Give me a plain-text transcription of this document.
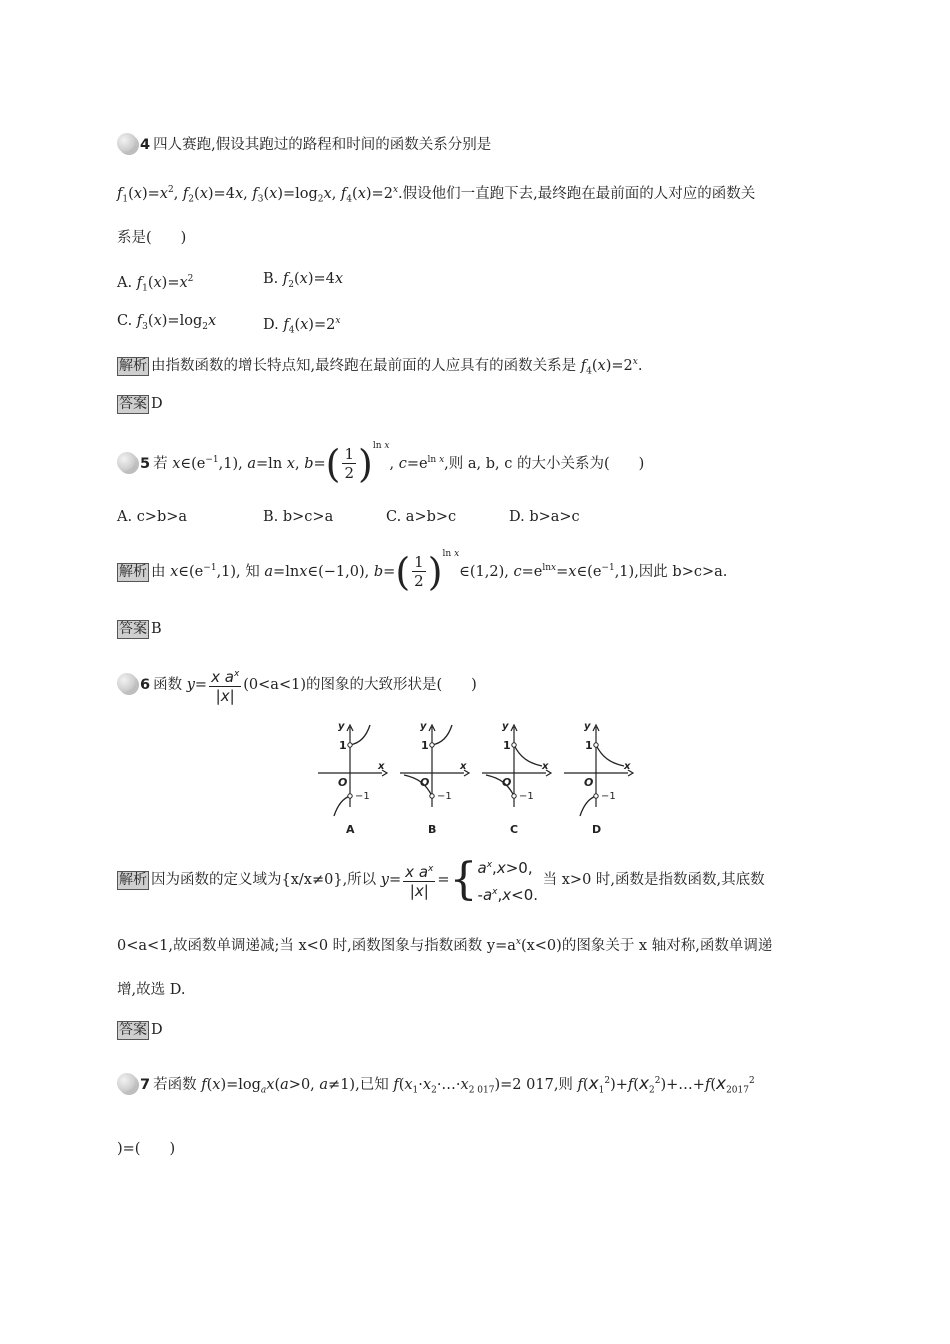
4 四人赛跑,假设其跑过的路程和时间的函数关系分别是
$f_1(x)=x^2$, $f_2(x)=4x$, $f_3(x)=\log_2x$, $f_4(x)=2^x$.假设他们一直跑下去,最终跑在最前面的人对应的函数关
系是(　　)
A. $f_1(x)=x^2$	B. $f_2(x)=4x$
C. $f_3(x)=\log_2x$	D. $f_4(x)=2^x$
解析 由指数函数的增长特点知,最终跑在最前面的人应具有的函数关系是 $f_4(x)=2^x$.
答案 D
5 若 $x\in(e^{-1},1)$, a=ln x, $b=( \frac{1}{2} )^{ln x}$, $c=e^{ln x}$,则 a, b, c 的大小关系为(　　)
A. c>b>a	B. b>c>a	C. a>b>c	D. b>a>c
解析 由 $x\in(e^{-1},1)$, 知 a=lnx∈(−1,0), $b=( \frac{1}{2}$ )$^{ln x}\in(1,2)$, $c=e^{lnx}=x\in(e^{-1},1)$,因此 b>c>a.
答案 B
6 函数 $y= \frac{x a^x}{|x|} (0<a<1)$的图象的大致形状是(　　)
y
x
O
1
−1
A
y
x
O
1
−1
B
y
x
O
1
−1
C
y
x
O
1
−1
D
解析 因为函数的定义域为{x/x≠0},所以 $y= \frac{x a^x}{|x|}$ ={ $a^x,x>0$,
$-a^x,x<0$.
当 x>0 时,函数是指数函数,其底数
0<a<1,故函数单调递减;当 x<0 时,函数图象与指数函数 $y=a^x(x<0)$的图象关于 x 轴对称,函数单调递
增,故选 D.
答案 D
7 若函数 $f(x)=\log_ax(a>0$, a≠1),已知 $f(x_1\cdot x_2\cdot\dots\cdot x_{2 017})=2$ 017,则 $f(x_1^2)+f(x_2^2)+\dots+f(x_{2017}^2$
)=(　　)
